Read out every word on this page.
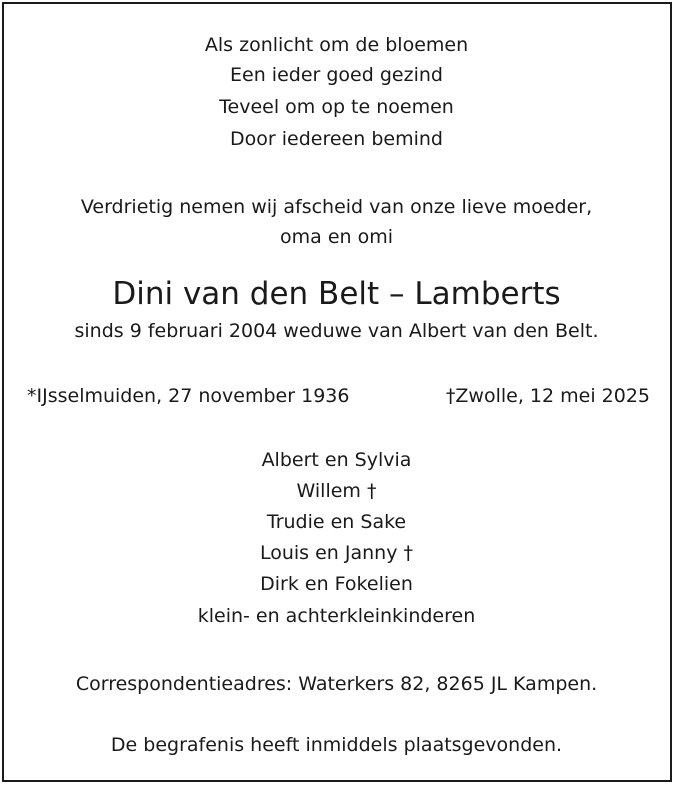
Als zonlicht om de bloemen
Een ieder goed gezind
Teveel om op te noemen
Door iedereen bemind
Verdrietig nemen wij afscheid van onze lieve moeder,
oma en omi
Dini van den Belt – Lamberts
sinds 9 februari 2004 weduwe van Albert van den Belt.
*IJsselmuiden, 27 november 1936	†Zwolle, 12 mei 2025
Albert en Sylvia
Willem †
Trudie en Sake
Louis en Janny †
Dirk en Fokelien
klein- en achterkleinkinderen
Correspondentieadres: Waterkers 82, 8265 JL Kampen.
De begrafenis heeft inmiddels plaatsgevonden.
